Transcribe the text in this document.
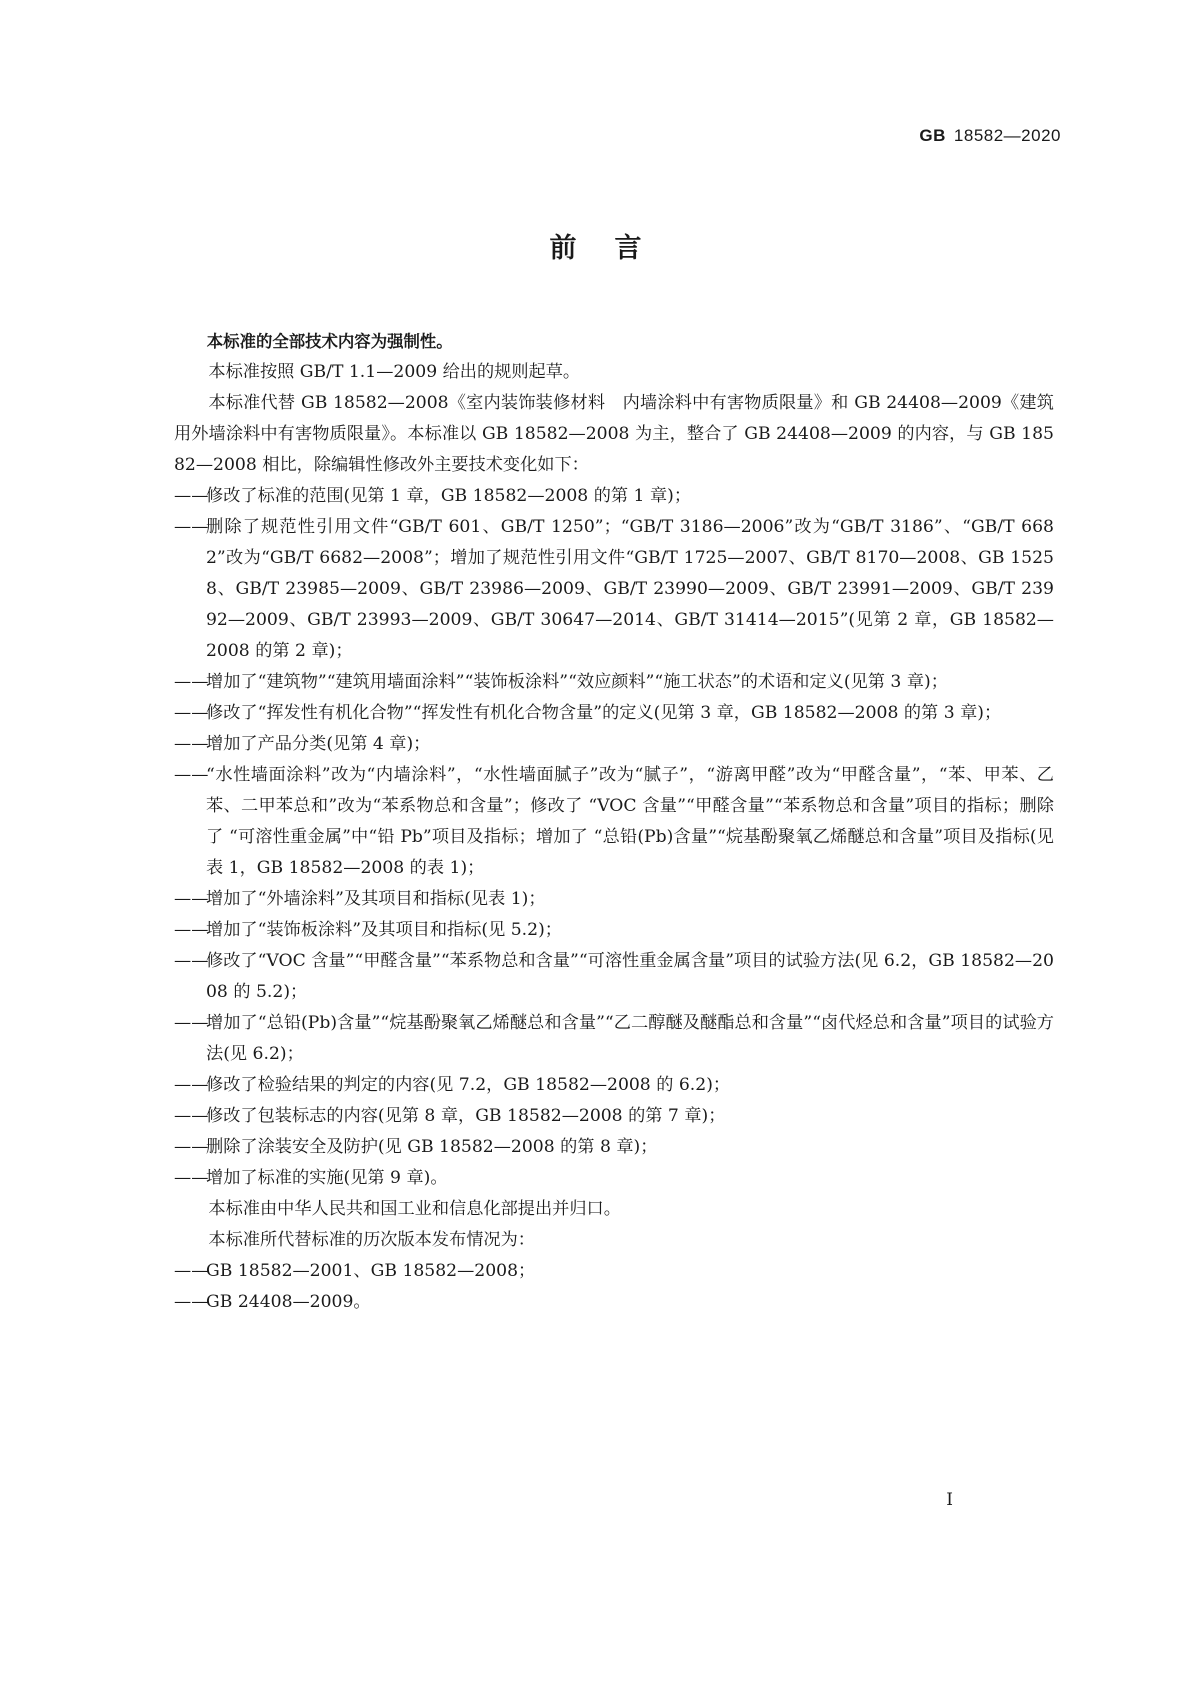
GB 18582—2020
前言

本标准的全部技术内容为强制性。

本标准按照 GB/T 1.1—2009 给出的规则起草。

本标准代替 GB 18582—2008《室内装饰装修材料　内墙涂料中有害物质限量》和 GB 24408—2009《建筑用外墙涂料中有害物质限量》。本标准以 GB 18582—2008 为主，整合了 GB 24408—2009 的内容，与 GB 18582—2008 相比，除编辑性修改外主要技术变化如下：

——
修改了标准的范围(见第 1 章，GB 18582—2008 的第 1 章)；
——
删除了规范性引用文件“GB/T 601、GB/T 1250”；“GB/T 3186—2006”改为“GB/T 3186”、“GB/T 6682”改为“GB/T 6682—2008”；增加了规范性引用文件“GB/T 1725—2007、GB/T 8170—2008、GB 15258、GB/T 23985—2009、GB/T 23986—2009、GB/T 23990—2009、GB/T 23991—2009、GB/T 23992—2009、GB/T 23993—2009、GB/T 30647—2014、GB/T 31414—2015”(见第 2 章，GB 18582—2008 的第 2 章)；
——
增加了“建筑物”“建筑用墙面涂料”“装饰板涂料”“效应颜料”“施工状态”的术语和定义(见第 3 章)；
——
修改了“挥发性有机化合物”“挥发性有机化合物含量”的定义(见第 3 章，GB 18582—2008 的第 3 章)；
——
增加了产品分类(见第 4 章)；
——
“水性墙面涂料”改为“内墙涂料”，“水性墙面腻子”改为“腻子”，“游离甲醛”改为“甲醛含量”，“苯、甲苯、乙苯、二甲苯总和”改为“苯系物总和含量”；修改了 “VOC 含量”“甲醛含量”“苯系物总和含量”项目的指标；删除了 “可溶性重金属”中“铅 Pb”项目及指标；增加了 “总铅(Pb)含量”“烷基酚聚氧乙烯醚总和含量”项目及指标(见表 1，GB 18582—2008 的表 1)；
——
增加了“外墙涂料”及其项目和指标(见表 1)；
——
增加了“装饰板涂料”及其项目和指标(见 5.2)；
——
修改了“VOC 含量”“甲醛含量”“苯系物总和含量”“可溶性重金属含量”项目的试验方法(见 6.2，GB 18582—2008 的 5.2)；
——
增加了“总铅(Pb)含量”“烷基酚聚氧乙烯醚总和含量”“乙二醇醚及醚酯总和含量”“卤代烃总和含量”项目的试验方法(见 6.2)；
——
修改了检验结果的判定的内容(见 7.2，GB 18582—2008 的 6.2)；
——
修改了包装标志的内容(见第 8 章，GB 18582—2008 的第 7 章)；
——
删除了涂装安全及防护(见 GB 18582—2008 的第 8 章)；
——
增加了标准的实施(见第 9 章)。

本标准由中华人民共和国工业和信息化部提出并归口。

本标准所代替标准的历次版本发布情况为：

——
GB 18582—2001、GB 18582—2008；
——
GB 24408—2009。
I
